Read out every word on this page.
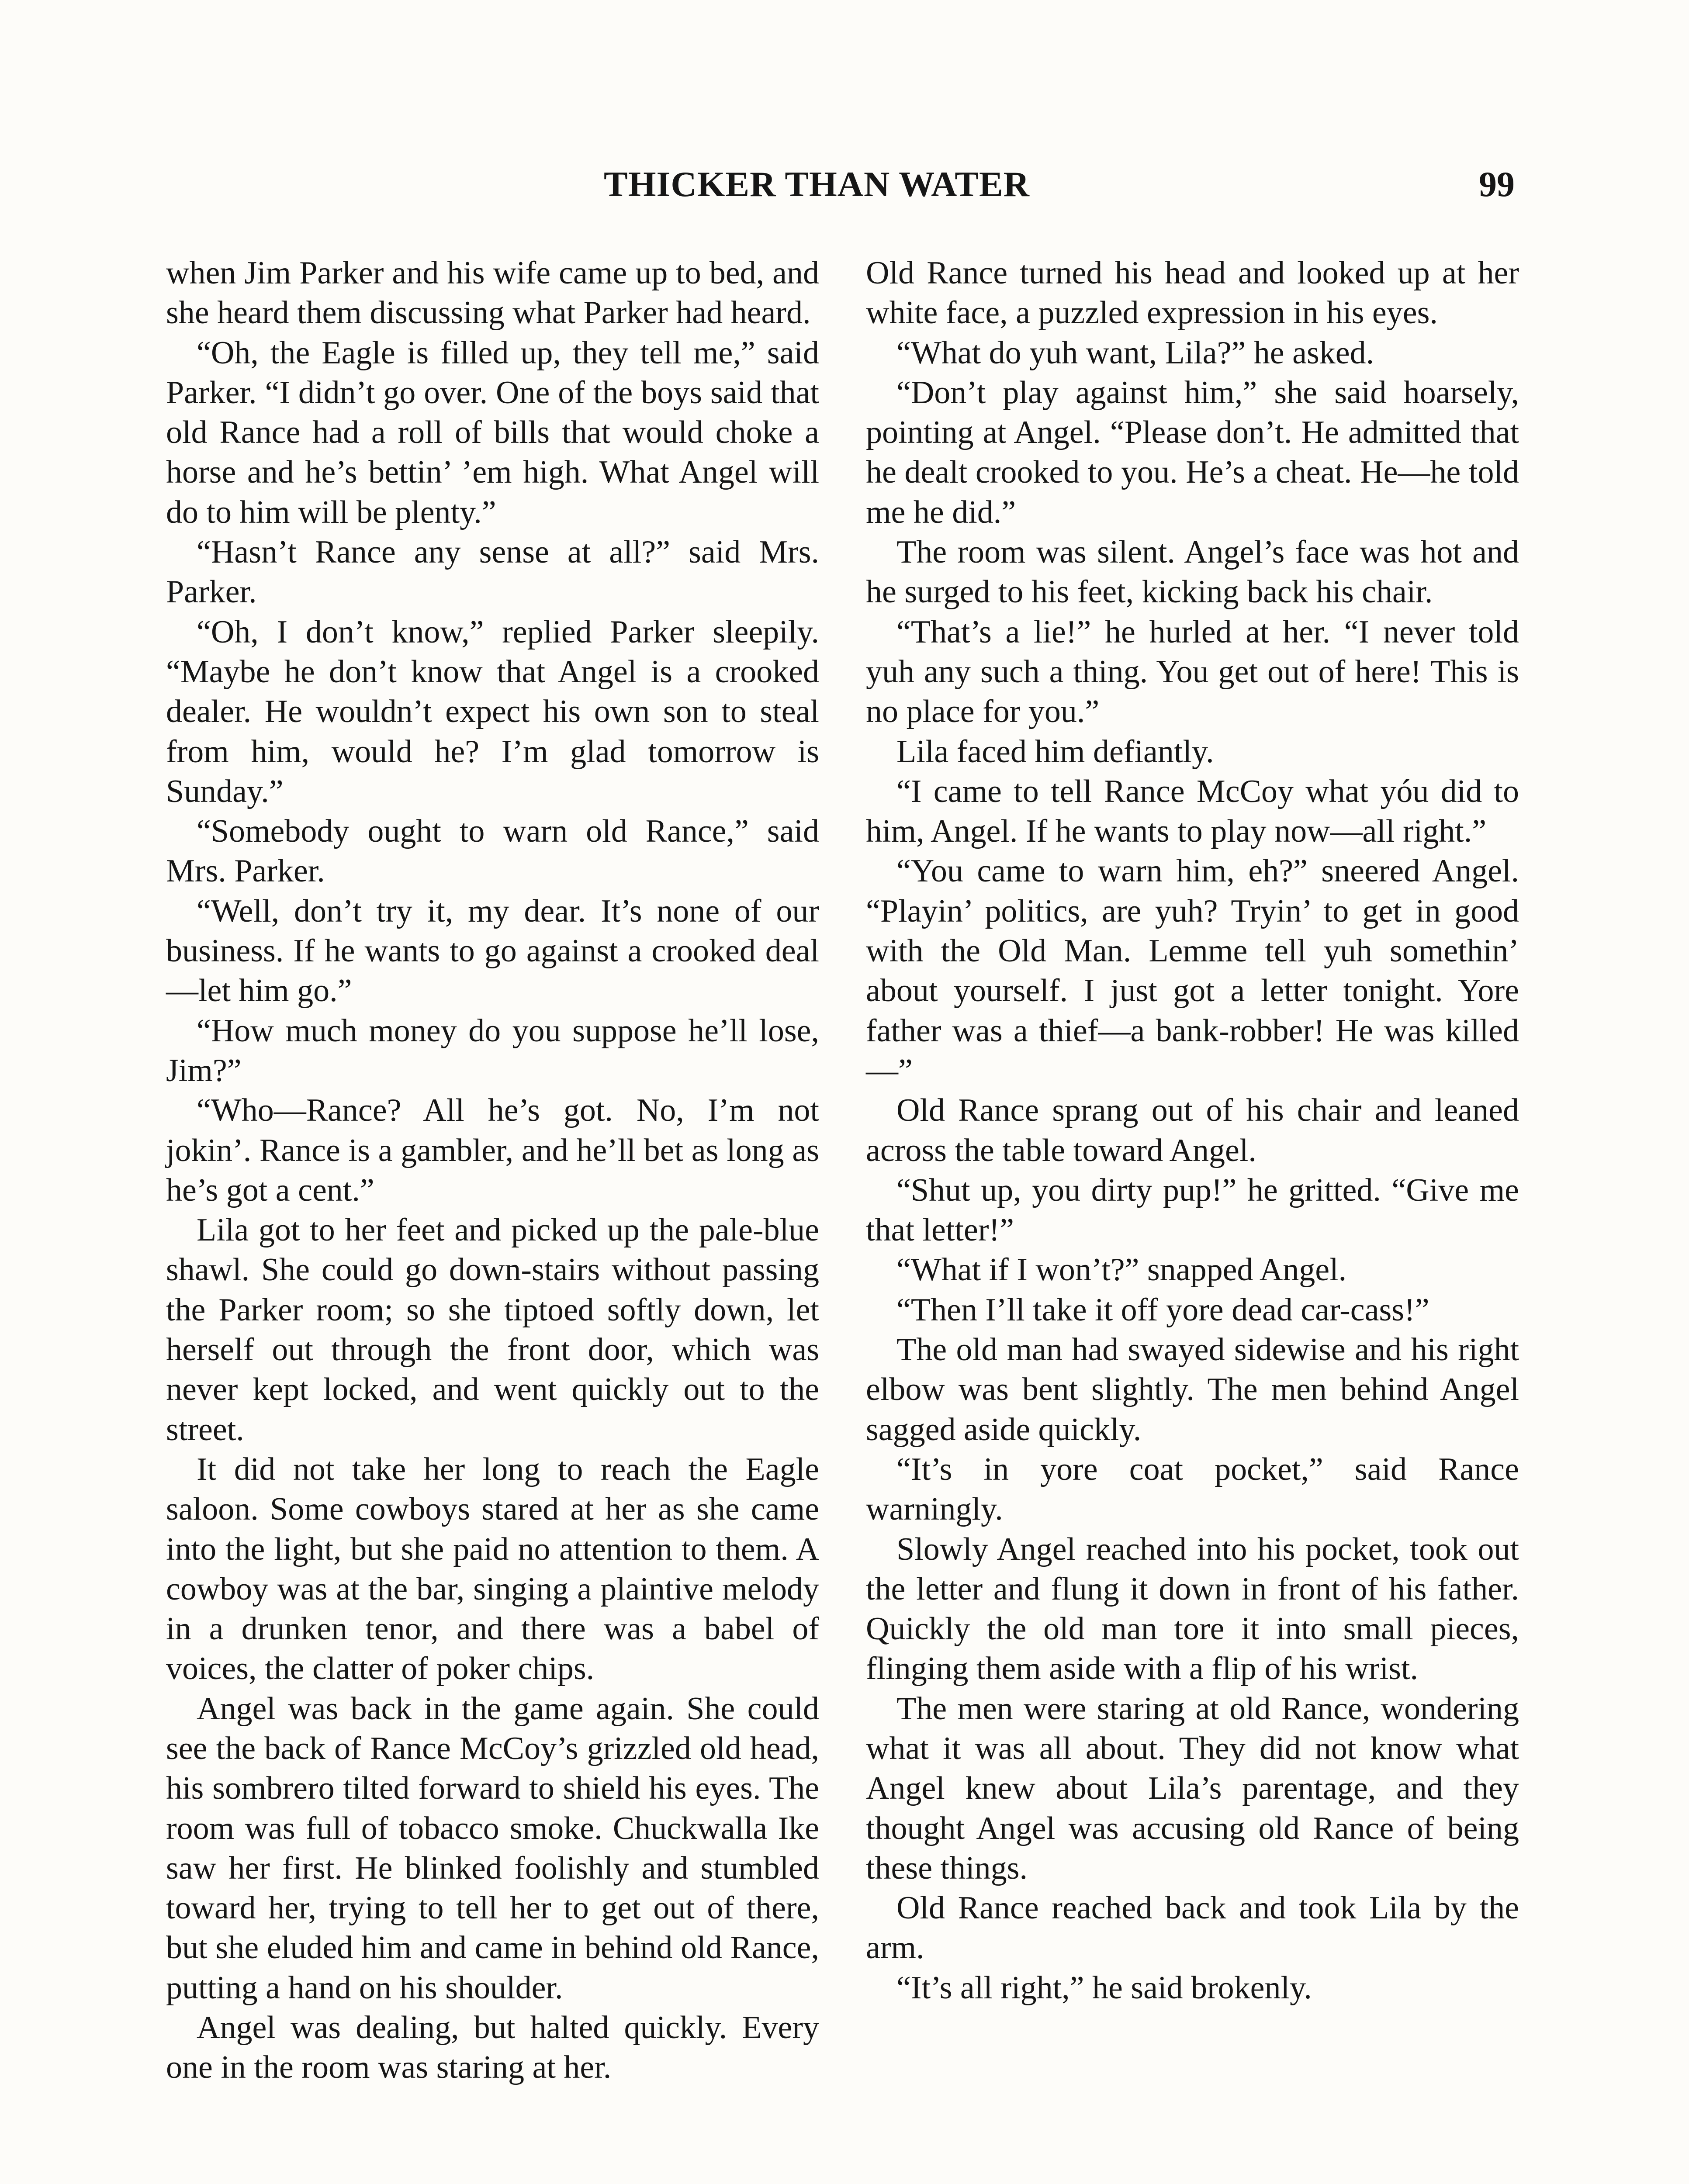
THICKER THAN WATER	99

when Jim Parker and his wife came up to bed, and she heard them discussing what Parker had heard.

“Oh, the Eagle is filled up, they tell me,” said Parker. “I didn’t go over. One of the boys said that old Rance had a roll of bills that would choke a horse and he’s bettin’ ’em high. What Angel will do to him will be plenty.”

“Hasn’t Rance any sense at all?” said Mrs. Parker.

“Oh, I don’t know,” replied Parker sleepily. “Maybe he don’t know that Angel is a crooked dealer. He wouldn’t expect his own son to steal from him, would he? I’m glad tomorrow is Sunday.”

“Somebody ought to warn old Rance,” said Mrs. Parker.

“Well, don’t try it, my dear. It’s none of our business. If he wants to go against a crooked deal—let him go.”

“How much money do you suppose he’ll lose, Jim?”

“Who—Rance? All he’s got. No, I’m not jokin’. Rance is a gambler, and he’ll bet as long as he’s got a cent.”

Lila got to her feet and picked up the pale-blue shawl. She could go down-stairs without passing the Parker room; so she tiptoed softly down, let herself out through the front door, which was never kept locked, and went quickly out to the street.

It did not take her long to reach the Eagle saloon. Some cowboys stared at her as she came into the light, but she paid no attention to them. A cowboy was at the bar, singing a plaintive melody in a drunken tenor, and there was a babel of voices, the clatter of poker chips.

Angel was back in the game again. She could see the back of Rance McCoy’s grizzled old head, his sombrero tilted forward to shield his eyes. The room was full of tobacco smoke. Chuckwalla Ike saw her first. He blinked foolishly and stumbled toward her, trying to tell her to get out of there, but she eluded him and came in behind old Rance, putting a hand on his shoulder.

Angel was dealing, but halted quickly. Every one in the room was staring at her.

Old Rance turned his head and looked up at her white face, a puzzled expression in his eyes.

“What do yuh want, Lila?” he asked.

“Don’t play against him,” she said hoarsely, pointing at Angel. “Please don’t. He admitted that he dealt crooked to you. He’s a cheat. He—he told me he did.”

The room was silent. Angel’s face was hot and he surged to his feet, kicking back his chair.

“That’s a lie!” he hurled at her. “I never told yuh any such a thing. You get out of here! This is no place for you.”

Lila faced him defiantly.

“I came to tell Rance McCoy what yóu did to him, Angel. If he wants to play now—all right.”

“You came to warn him, eh?” sneered Angel. “Playin’ politics, are yuh? Tryin’ to get in good with the Old Man. Lemme tell yuh somethin’ about yourself. I just got a letter tonight. Yore father was a thief—a bank-robber! He was killed—”

Old Rance sprang out of his chair and leaned across the table toward Angel.

“Shut up, you dirty pup!” he gritted. “Give me that letter!”

“What if I won’t?” snapped Angel.

“Then I’ll take it off yore dead car-cass!”

The old man had swayed sidewise and his right elbow was bent slightly. The men behind Angel sagged aside quickly.

“It’s in yore coat pocket,” said Rance warningly.

Slowly Angel reached into his pocket, took out the letter and flung it down in front of his father. Quickly the old man tore it into small pieces, flinging them aside with a flip of his wrist.

The men were staring at old Rance, wondering what it was all about. They did not know what Angel knew about Lila’s parentage, and they thought Angel was accusing old Rance of being these things.

Old Rance reached back and took Lila by the arm.

“It’s all right,” he said brokenly.
